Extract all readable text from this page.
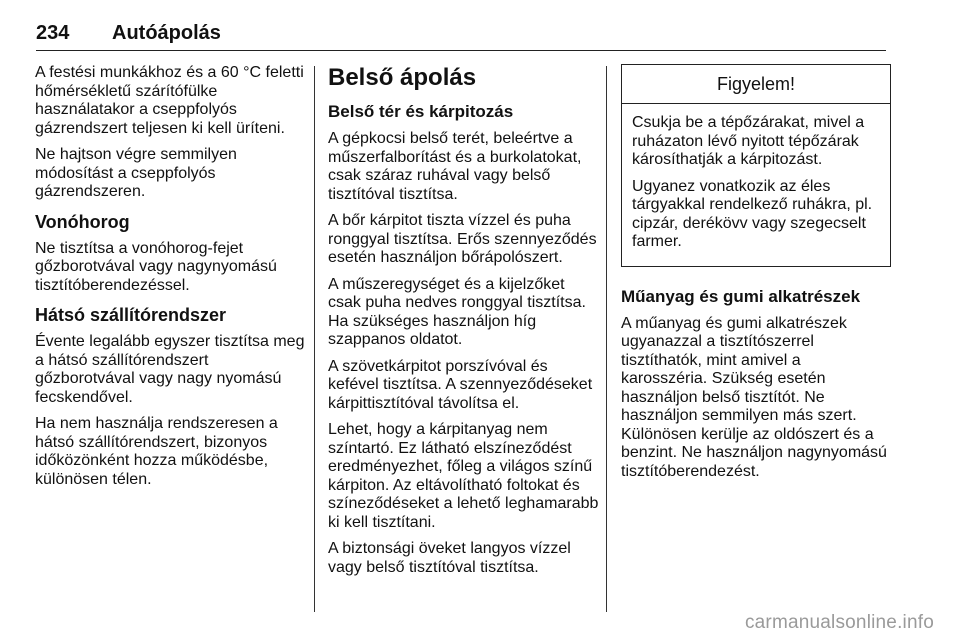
234 Autóápolás

A festési munkákhoz és a 60 °C feletti hőmérsékletű szárítófülke használatakor a cseppfolyós gázrendszert teljesen ki kell üríteni.

Ne hajtson végre semmilyen módosítást a cseppfolyós gázrendszeren.

Vonóhorog

Ne tisztítsa a vonóhorog-fejet gőzborotvával vagy nagynyomású tisztítóberendezéssel.

Hátsó szállítórendszer

Évente legalább egyszer tisztítsa meg a hátsó szállítórendszert gőzborotvával vagy nagy nyomású fecskendővel.

Ha nem használja rendszeresen a hátsó szállítórendszert, bizonyos időközönként hozza működésbe, különösen télen.

Belső ápolás
Belső tér és kárpitozás

A gépkocsi belső terét, beleértve a műszerfalborítást és a burkolatokat, csak száraz ruhával vagy belső tisztítóval tisztítsa.

A bőr kárpitot tiszta vízzel és puha ronggyal tisztítsa. Erős szennyeződés esetén használjon bőrápolószert.

A műszeregységet és a kijelzőket csak puha nedves ronggyal tisztítsa. Ha szükséges használjon híg szappanos oldatot.

A szövetkárpitot porszívóval és kefével tisztítsa. A szennyeződéseket kárpittisztítóval távolítsa el.

Lehet, hogy a kárpitanyag nem színtartó. Ez látható elszíneződést eredményezhet, főleg a világos színű kárpiton. Az eltávolítható foltokat és színeződéseket a lehető leghamarabb ki kell tisztítani.

A biztonsági öveket langyos vízzel vagy belső tisztítóval tisztítsa.

Figyelem!

Csukja be a tépőzárakat, mivel a ruházaton lévő nyitott tépőzárak károsíthatják a kárpitozást.

Ugyanez vonatkozik az éles tárgyakkal rendelkező ruhákra, pl. cipzár, derékövv vagy szegecselt farmer.

Műanyag és gumi alkatrészek

A műanyag és gumi alkatrészek ugyanazzal a tisztítószerrel tisztíthatók, mint amivel a karosszéria. Szükség esetén használjon belső tisztítót. Ne használjon semmilyen más szert. Különösen kerülje az oldószert és a benzint. Ne használjon nagynyomású tisztítóberendezést.

carmanualsonline.info
